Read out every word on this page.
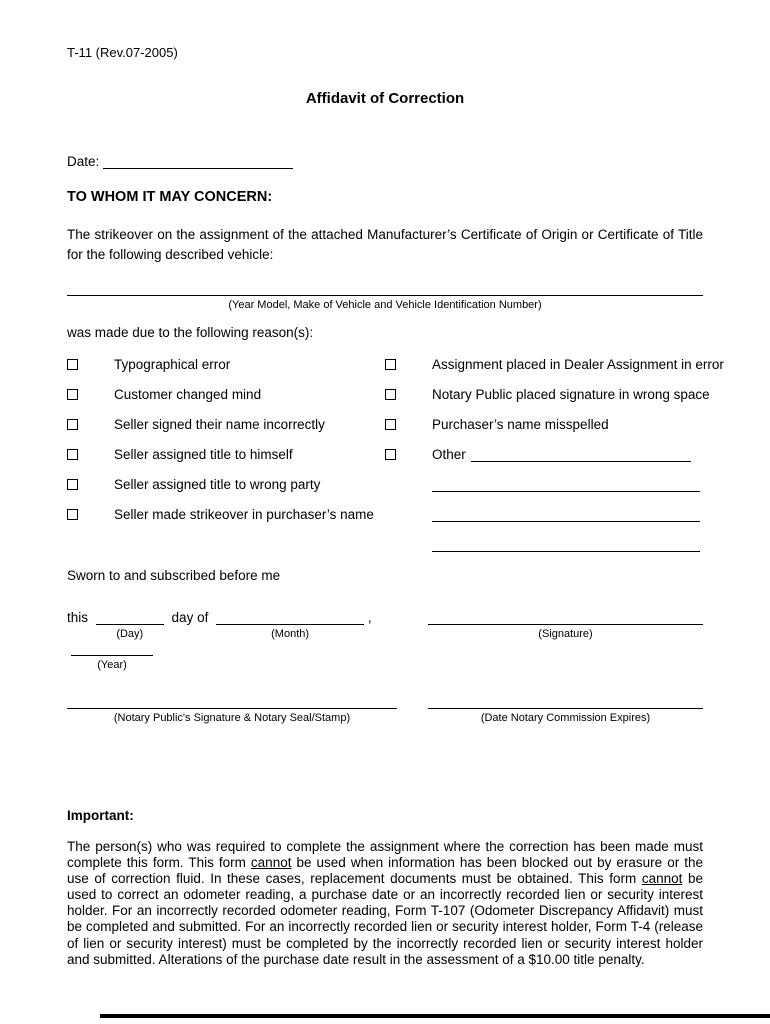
T-11 (Rev.07-2005)
Affidavit of Correction
Date:
TO WHOM IT MAY CONCERN:
The strikeover on the assignment of the attached Manufacturer’s Certificate of Origin or Certificate of Title for the following described vehicle:
(Year Model, Make of Vehicle and Vehicle Identification Number)
was made due to the following reason(s):
Typographical error	Assignment placed in Dealer Assignment in error
Customer changed mind	Notary Public placed signature in wrong space
Seller signed their name incorrectly	Purchaser’s name misspelled
Seller assigned title to himself	Other
Seller assigned title to wrong party
Seller made strikeover in purchaser’s name
Sworn to and subscribed before me
this
(Day)
day of
(Month)
,
(Year)
(Signature)
(Notary Public's Signature & Notary Seal/Stamp)	(Date Notary Commission Expires)
Important:
The person(s) who was required to complete the assignment where the correction has been made must complete this form. This form cannot be used when information has been blocked out by erasure or the use of correction fluid. In these cases, replacement documents must be obtained. This form cannot be used to correct an odometer reading, a purchase date or an incorrectly recorded lien or security interest holder. For an incorrectly recorded odometer reading, Form T-107 (Odometer Discrepancy Affidavit) must be completed and submitted. For an incorrectly recorded lien or security interest holder, Form T-4 (release of lien or security interest) must be completed by the incorrectly recorded lien or security interest holder and submitted. Alterations of the purchase date result in the assessment of a $10.00 title penalty.
